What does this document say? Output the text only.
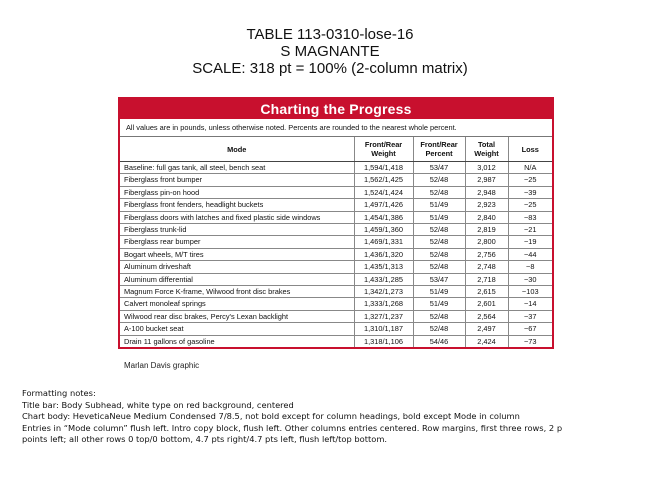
TABLE 113-0310-lose-16
S MAGNANTE
SCALE: 318 pt = 100% (2-column matrix)
Charting the Progress
All values are in pounds, unless otherwise noted. Percents are rounded to the nearest whole percent.
Mode	Front/Rear Weight	Front/Rear Percent	Total Weight	Loss
Baseline: full gas tank, all steel, bench seat	1,594/1,418	53/47	3,012	N/A
Fiberglass front bumper	1,562/1,425	52/48	2,987	−25
Fiberglass pin-on hood	1,524/1,424	52/48	2,948	−39
Fiberglass front fenders, headlight buckets	1,497/1,426	51/49	2,923	−25
Fiberglass doors with latches and fixed plastic side windows	1,454/1,386	51/49	2,840	−83
Fiberglass trunk-lid	1,459/1,360	52/48	2,819	−21
Fiberglass rear bumper	1,469/1,331	52/48	2,800	−19
Bogart wheels, M/T tires	1,436/1,320	52/48	2,756	−44
Aluminum driveshaft	1,435/1,313	52/48	2,748	−8
Aluminum differential	1,433/1,285	53/47	2,718	−30
Magnum Force K-frame, Wilwood front disc brakes	1,342/1,273	51/49	2,615	−103
Calvert monoleaf springs	1,333/1,268	51/49	2,601	−14
Wilwood rear disc brakes, Percy's Lexan backlight	1,327/1,237	52/48	2,564	−37
A-100 bucket seat	1,310/1,187	52/48	2,497	−67
Drain 11 gallons of gasoline	1,318/1,106	54/46	2,424	−73
Marlan Davis graphic
Formatting notes:
Title bar: Body Subhead, white type on red background, centered
Chart body: HeveticaNeue Medium Condensed 7/8.5, not bold except for column headings, bold except Mode in column
Entries in “Mode column” flush left. Intro copy block, flush left. Other columns entries centered. Row margins, first three rows, 2 p
points left; all other rows 0 top/0 bottom, 4.7 pts right/4.7 pts left, flush left/top bottom.
